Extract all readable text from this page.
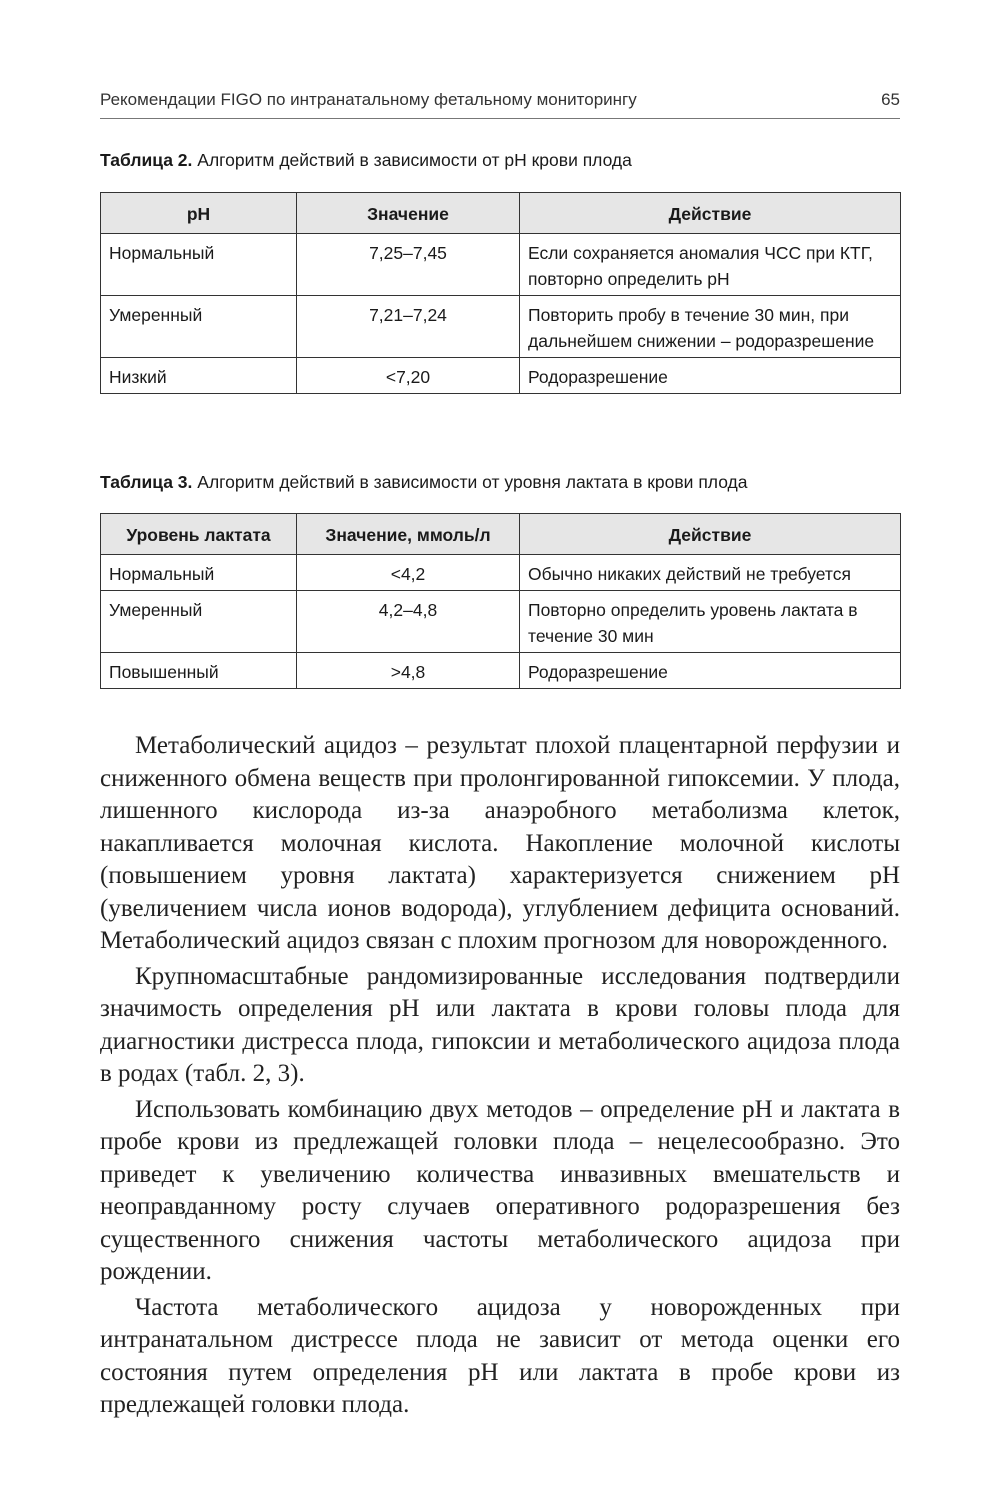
Рекомендации FIGO по интранатальному фетальному мониторингу	65
Таблица 2. Алгоритм действий в зависимости от pH крови плода
pH	Значение	Действие
Нормальный	7,25–7,45	Если сохраняется аномалия ЧСС при КТГ, повторно определить pH
Умеренный	7,21–7,24	Повторить пробу в течение 30 мин, при дальнейшем снижении – родоразрешение
Низкий	<7,20	Родоразрешение
Таблица 3. Алгоритм действий в зависимости от уровня лактата в крови плода
Уровень лактата	Значение, ммоль/л	Действие
Нормальный	<4,2	Обычно никаких действий не требуется
Умеренный	4,2–4,8	Повторно определить уровень лактата в течение 30 мин
Повышенный	>4,8	Родоразрешение

Метаболический ацидоз – результат плохой плацентарной перфузии и сниженного обмена веществ при пролонгированной гипоксемии. У плода, лишенного кислорода из-за анаэробного метаболизма клеток, накапливается молочная кислота. Накопление молочной кислоты (повышением уровня лактата) характеризуется снижением pH (увеличением числа ионов водорода), углублением дефицита оснований. Метаболический ацидоз связан с плохим прогнозом для новорожденного.

Крупномасштабные рандомизированные исследования подтвердили значимость определения pH или лактата в крови головы плода для диагностики дистресса плода, гипоксии и метаболического ацидоза плода в родах (табл. 2, 3).

Использовать комбинацию двух методов – определение pH и лактата в пробе крови из предлежащей головки плода – нецелесообразно. Это приведет к увеличению количества инвазивных вмешательств и неоправданному росту случаев оперативного родоразрешения без существенного снижения частоты метаболического ацидоза при рождении.

Частота метаболического ацидоза у новорожденных при интранатальном дистрессе плода не зависит от метода оценки его состояния путем определения pH или лактата в пробе крови из предлежащей головки плода.
